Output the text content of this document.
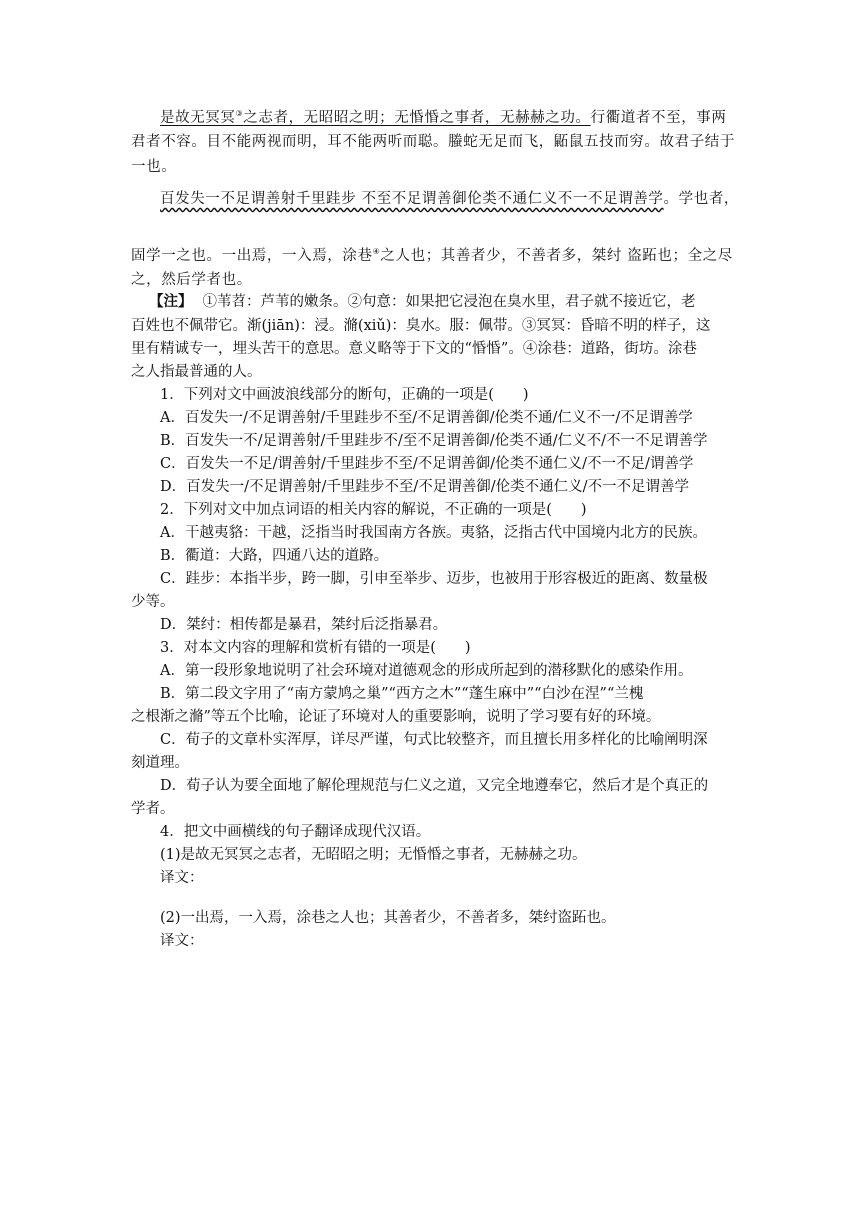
是故无冥冥③之志者，无昭昭之明；无惛惛之事者，无赫赫之功。行衢道者不至，事两
君者不容。目不能两视而明，耳不能两听而聪。螣蛇无足而飞，鼫鼠五技而穷。故君子结于
一也。
百发失一不足谓善射千里跬步 不至不足谓善御伦类不通仁义不一不足谓善学。学也者，
固学一之也。一出焉，一入焉，涂巷④之人也；其善者少，不善者多，桀纣 盗跖也；全之尽
之，然后学者也。
【注】 ①苇苕：芦苇的嫩条。②句意：如果把它浸泡在臭水里，君子就不接近它，老
百姓也不佩带它。渐(jiān)：浸。滫(xiǔ)：臭水。服：佩带。③冥冥：昏暗不明的样子，这
里有精诚专一，埋头苦干的意思。意义略等于下文的“惛惛”。④涂巷：道路，街坊。涂巷
之人指最普通的人。
1．下列对文中画波浪线部分的断句，正确的一项是(　　)
A．百发失一/不足谓善射/千里跬步不至/不足谓善御/伦类不通/仁义不一/不足谓善学
B．百发失一不/足谓善射/千里跬步不/至不足谓善御/伦类不通/仁义不/不一不足谓善学
C．百发失一不足/谓善射/千里跬步不至/不足谓善御/伦类不通仁义/不一不足/谓善学
D．百发失一/不足谓善射/千里跬步不至/不足谓善御/伦类不通仁义/不一不足谓善学
2．下列对文中加点词语的相关内容的解说，不正确的一项是(　　)
A．干越夷貉：干越，泛指当时我国南方各族。夷貉，泛指古代中国境内北方的民族。
B．衢道：大路，四通八达的道路。
C．跬步：本指半步，跨一脚，引申至举步、迈步，也被用于形容极近的距离、数量极
少等。
D．桀纣：相传都是暴君，桀纣后泛指暴君。
3．对本文内容的理解和赏析有错的一项是(　　)
A．第一段形象地说明了社会环境对道德观念的形成所起到的潜移默化的感染作用。
B．第二段文字用了“南方蒙鸠之巢”“西方之木”“蓬生麻中”“白沙在涅”“兰槐
之根渐之滫”等五个比喻，论证了环境对人的重要影响，说明了学习要有好的环境。
C．荀子的文章朴实浑厚，详尽严谨，句式比较整齐，而且擅长用多样化的比喻阐明深
刻道理。
D．荀子认为要全面地了解伦理规范与仁义之道，又完全地遵奉它，然后才是个真正的
学者。
4．把文中画横线的句子翻译成现代汉语。
(1)是故无冥冥之志者，无昭昭之明；无惛惛之事者，无赫赫之功。
译文：
(2)一出焉，一入焉，涂巷之人也；其善者少，不善者多，桀纣盗跖也。
译文：
